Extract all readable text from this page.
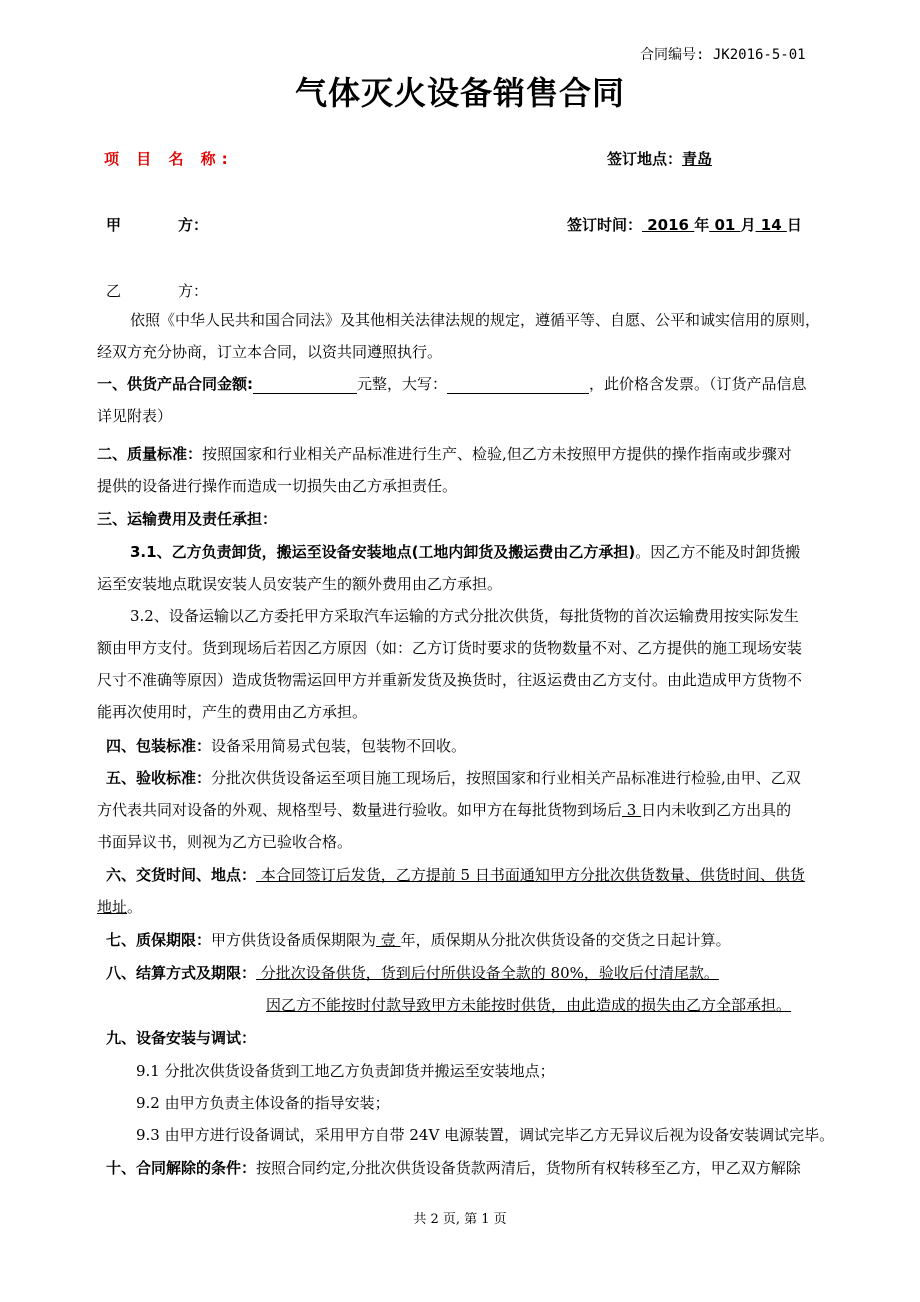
合同编号: JK2016-5-01
气体灭火设备销售合同
项 目 名 称:	签订地点：青岛
甲	方：	签订时间： 2016 年 01 月 14 日
乙	方：
依照《中华人民共和国合同法》及其他相关法律法规的规定，遵循平等、自愿、公平和诚实信用的原则，
经双方充分协商，订立本合同，以资共同遵照执行。
一、供货产品合同金额:	元整，大写：	，此价格含发票。（订货产品信息
详见附表）
二、质量标准：按照国家和行业相关产品标准进行生产、检验,但乙方未按照甲方提供的操作指南或步骤对
提供的设备进行操作而造成一切损失由乙方承担责任。
三、运输费用及责任承担：
3.1、乙方负责卸货，搬运至设备安装地点(工地内卸货及搬运费由乙方承担)。因乙方不能及时卸货搬
运至安装地点耽误安装人员安装产生的额外费用由乙方承担。
3.2、设备运输以乙方委托甲方采取汽车运输的方式分批次供货，每批货物的首次运输费用按实际发生
额由甲方支付。货到现场后若因乙方原因（如：乙方订货时要求的货物数量不对、乙方提供的施工现场安装
尺寸不准确等原因）造成货物需运回甲方并重新发货及换货时，往返运费由乙方支付。由此造成甲方货物不
能再次使用时，产生的费用由乙方承担。
四、包装标准：设备采用简易式包装，包装物不回收。
五、验收标准：分批次供货设备运至项目施工现场后，按照国家和行业相关产品标准进行检验,由甲、乙双
方代表共同对设备的外观、规格型号、数量进行验收。如甲方在每批货物到场后 3 日内未收到乙方出具的
书面异议书，则视为乙方已验收合格。
六、交货时间、地点： 本合同签订后发货，乙方提前 5 日书面通知甲方分批次供货数量、供货时间、供货
地址。
七、质保期限：甲方供货设备质保期限为 壹 年，质保期从分批次供货设备的交货之日起计算。
八、结算方式及期限： 分批次设备供货，货到后付所供设备全款的 80%，验收后付清尾款。
因乙方不能按时付款导致甲方未能按时供货，由此造成的损失由乙方全部承担。
九、设备安装与调试：
9.1 分批次供货设备货到工地乙方负责卸货并搬运至安装地点；
9.2 由甲方负责主体设备的指导安装；
9.3 由甲方进行设备调试，采用甲方自带 24V 电源装置，调试完毕乙方无异议后视为设备安装调试完毕。
十、合同解除的条件：按照合同约定,分批次供货设备货款两清后，货物所有权转移至乙方，甲乙双方解除
共 2 页, 第 1 页
